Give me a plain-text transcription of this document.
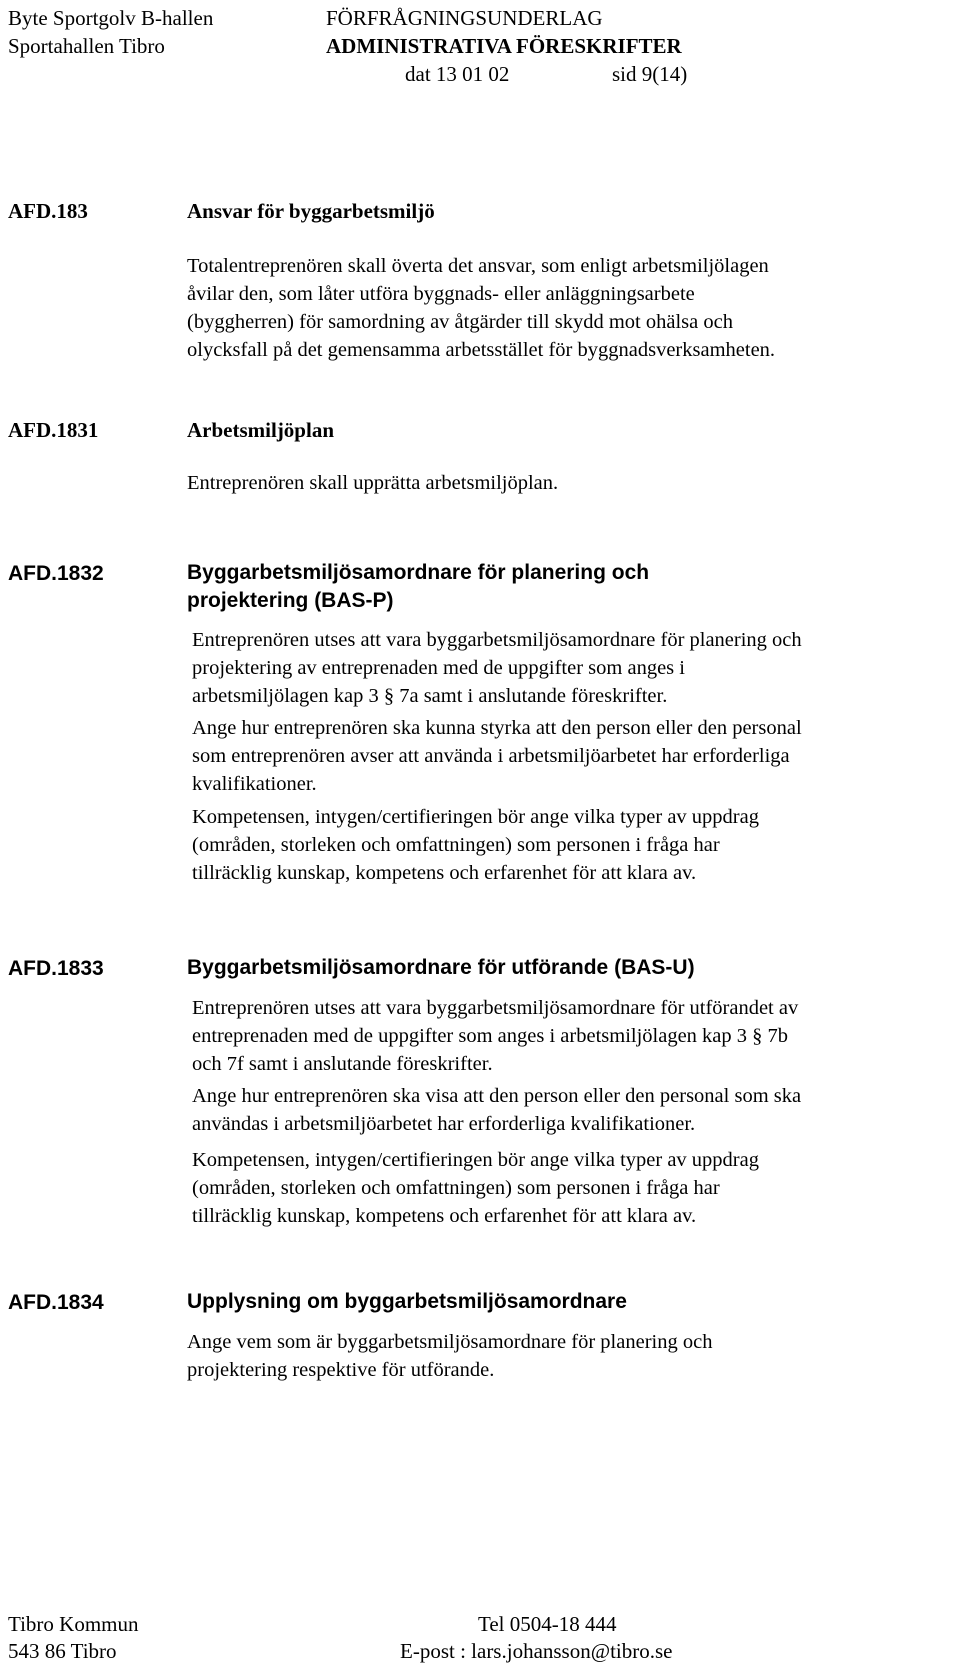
Byte Sportgolv B-hallen
Sportahallen Tibro
FÖRFRÅGNINGSUNDERLAG
ADMINISTRATIVA FÖRESKRIFTER
dat 13 01 02	sid 9(14)
AFD.183	Ansvar för byggarbetsmiljö
Totalentreprenören skall överta det ansvar, som enligt arbetsmiljölagen
åvilar den, som låter utföra byggnads- eller anläggningsarbete
(byggherren) för samordning av åtgärder till skydd mot ohälsa och
olycksfall på det gemensamma arbetsstället för byggnadsverksamheten.
AFD.1831	Arbetsmiljöplan
Entreprenören skall upprätta arbetsmiljöplan.
AFD.1832	Byggarbetsmiljösamordnare för planering och
projektering (BAS-P)
Entreprenören utses att vara byggarbetsmiljösamordnare för planering och
projektering av entreprenaden med de uppgifter som anges i
arbetsmiljölagen kap 3 § 7a samt i anslutande föreskrifter.
Ange hur entreprenören ska kunna styrka att den person eller den personal
som entreprenören avser att använda i arbetsmiljöarbetet har erforderliga
kvalifikationer.
Kompetensen, intygen/certifieringen bör ange vilka typer av uppdrag
(områden, storleken och omfattningen) som personen i fråga har
tillräcklig kunskap, kompetens och erfarenhet för att klara av.
AFD.1833	Byggarbetsmiljösamordnare för utförande (BAS-U)
Entreprenören utses att vara byggarbetsmiljösamordnare för utförandet av
entreprenaden med de uppgifter som anges i arbetsmiljölagen kap 3 § 7b
och 7f samt i anslutande föreskrifter.
Ange hur entreprenören ska visa att den person eller den personal som ska
användas i arbetsmiljöarbetet har erforderliga kvalifikationer.
Kompetensen, intygen/certifieringen bör ange vilka typer av uppdrag
(områden, storleken och omfattningen) som personen i fråga har
tillräcklig kunskap, kompetens och erfarenhet för att klara av.
AFD.1834	Upplysning om byggarbetsmiljösamordnare
Ange vem som är byggarbetsmiljösamordnare för planering och
projektering respektive för utförande.
Tibro Kommun
543 86 Tibro
Tel 0504-18 444
E-post : lars.johansson@tibro.se
